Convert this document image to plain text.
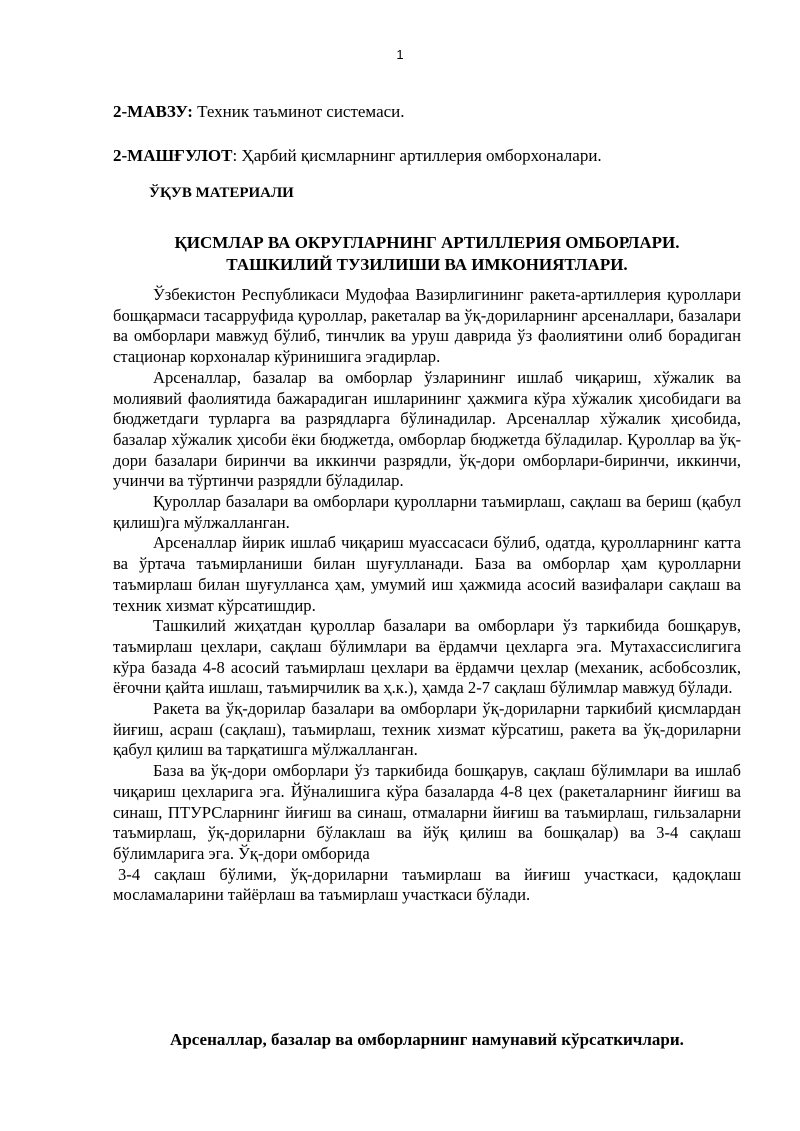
1
2-МАВЗУ: Техник таъминот системаси.
2-МАШҒУЛОТ: Ҳарбий қисмларнинг артиллерия омборхоналари.
ЎҚУВ МАТЕРИАЛИ
ҚИСМЛАР ВА ОКРУГЛАРНИНГ АРТИЛЛЕРИЯ ОМБОРЛАРИ.
ТАШКИЛИЙ ТУЗИЛИШИ ВА ИМКОНИЯТЛАРИ.

Ўзбекистон Республикаси Мудофаа Вазирлигининг ракета-артиллерия қуроллари бошқармаси тасарруфида қуроллар, ракеталар ва ўқ-дориларнинг арсеналлари, базалари ва омборлари мавжуд бўлиб, тинчлик ва уруш даврида ўз фаолиятини олиб борадиган стационар корхоналар кўринишига эгадирлар.

Арсеналлар, базалар ва омборлар ўзларининг ишлаб чиқариш, хўжалик ва молиявий фаолиятида бажарадиган ишларининг ҳажмига кўра хўжалик ҳисобидаги ва бюджетдаги турларга ва разрядларга бўлинадилар. Арсеналлар хўжалик ҳисобида, базалар хўжалик ҳисоби ёки бюджетда, омборлар бюджетда бўладилар. Қуроллар ва ўқ-дори базалари биринчи ва иккинчи разрядли, ўқ-дори омборлари-биринчи, иккинчи, учинчи ва тўртинчи разрядли бўладилар.

Қуроллар базалари ва омборлари қуролларни таъмирлаш, сақлаш ва бериш (қабул қилиш)га мўлжалланган.

Арсеналлар йирик ишлаб чиқариш муассасаси бўлиб, одатда, қуролларнинг катта ва ўртача таъмирланиши билан шуғулланади. База ва омборлар ҳам қуролларни таъмирлаш билан шуғулланса ҳам, умумий иш ҳажмида асосий вазифалари сақлаш ва техник хизмат кўрсатишдир.

Ташкилий жиҳатдан қуроллар базалари ва омборлари ўз таркибида бошқарув, таъмирлаш цехлари, сақлаш бўлимлари ва ёрдамчи цехларга эга. Мутахассислигига кўра базада 4-8 асосий таъмирлаш цехлари ва ёрдамчи цехлар (механик, асбобсозлик, ёғочни қайта ишлаш, таъмирчилик ва ҳ.к.), ҳамда 2-7 сақлаш бўлимлар мавжуд бўлади.

Ракета ва ўқ-дорилар базалари ва омборлари ўқ-дориларни таркибий қисмлардан йиғиш, асраш (сақлаш), таъмирлаш, техник хизмат кўрсатиш, ракета ва ўқ-дориларни қабул қилиш ва тарқатишга мўлжалланган.

База ва ўқ-дори омборлари ўз таркибида бошқарув, сақлаш бўлимлари ва ишлаб чиқариш цехларига эга. Йўналишига кўра базаларда 4-8 цех (ракеталарнинг йиғиш ва синаш, ПТУРСларнинг йиғиш ва синаш, отмаларни йиғиш ва таъмирлаш, гильзаларни таъмирлаш, ўқ-дориларни бўлаклаш ва йўқ қилиш ва бошқалар) ва 3-4 сақлаш бўлимларига эга. Ўқ-дори омборида

3-4 сақлаш бўлими, ўқ-дориларни таъмирлаш ва йиғиш участкаси, қадоқлаш мосламаларини тайёрлаш ва таъмирлаш участкаси бўлади.

Арсеналлар, базалар ва омборларнинг намунавий кўрсаткичлари.
